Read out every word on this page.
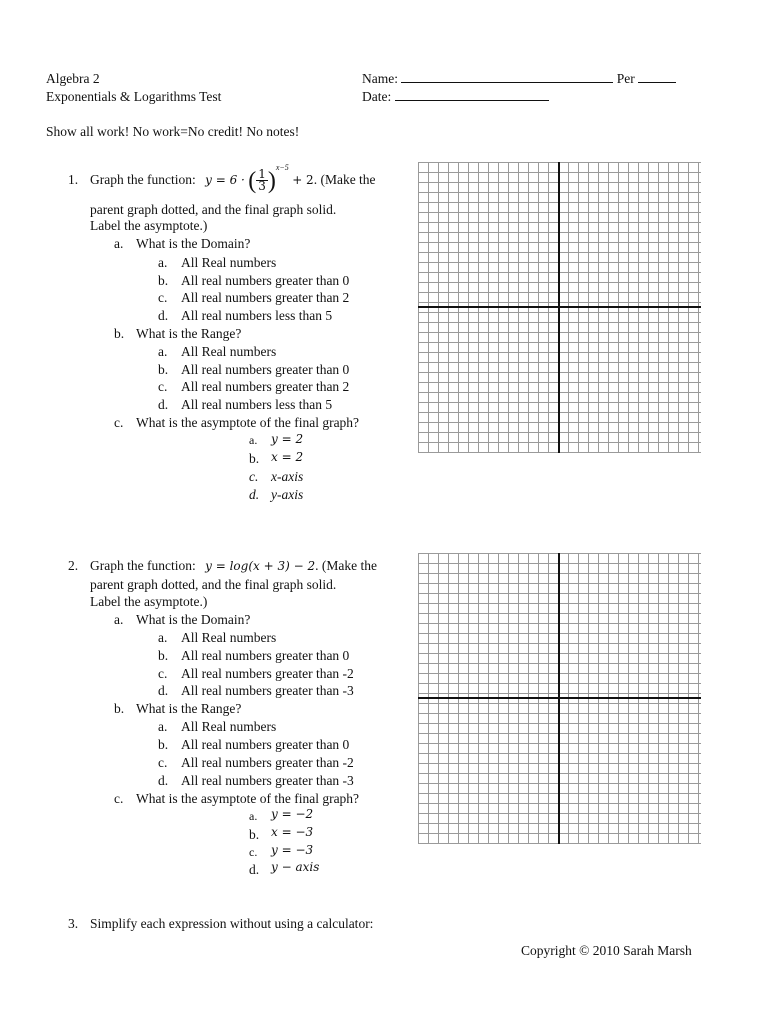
Algebra 2
Exponentials & Logarithms Test
Name:	Per
Date:
Show all work! No work=No credit! No notes!
1. Graph the function: y = 6 · ( $\frac{1}{3} )^{x-5} + 2$. (Make the
parent graph dotted, and the final graph solid.
Label the asymptote.)
a. What is the Domain?
a. All Real numbers
b. All real numbers greater than 0
c. All real numbers greater than 2
d. All real numbers less than 5
b. What is the Range?
a. All Real numbers
b. All real numbers greater than 0
c. All real numbers greater than 2
d. All real numbers less than 5
c. What is the asymptote of the final graph?
a. y = 2
b. x = 2
c. x-axis
d. y-axis
2. Graph the function: y = log(x + 3) − 2. (Make the
parent graph dotted, and the final graph solid.
Label the asymptote.)
a. What is the Domain?
a. All Real numbers
b. All real numbers greater than 0
c. All real numbers greater than -2
d. All real numbers greater than -3
b. What is the Range?
a. All Real numbers
b. All real numbers greater than 0
c. All real numbers greater than -2
d. All real numbers greater than -3
c. What is the asymptote of the final graph?
a. y = −2
b. x = −3
c. y = −3
d. y − axis
3. Simplify each expression without using a calculator:
Copyright © 2010 Sarah Marsh
